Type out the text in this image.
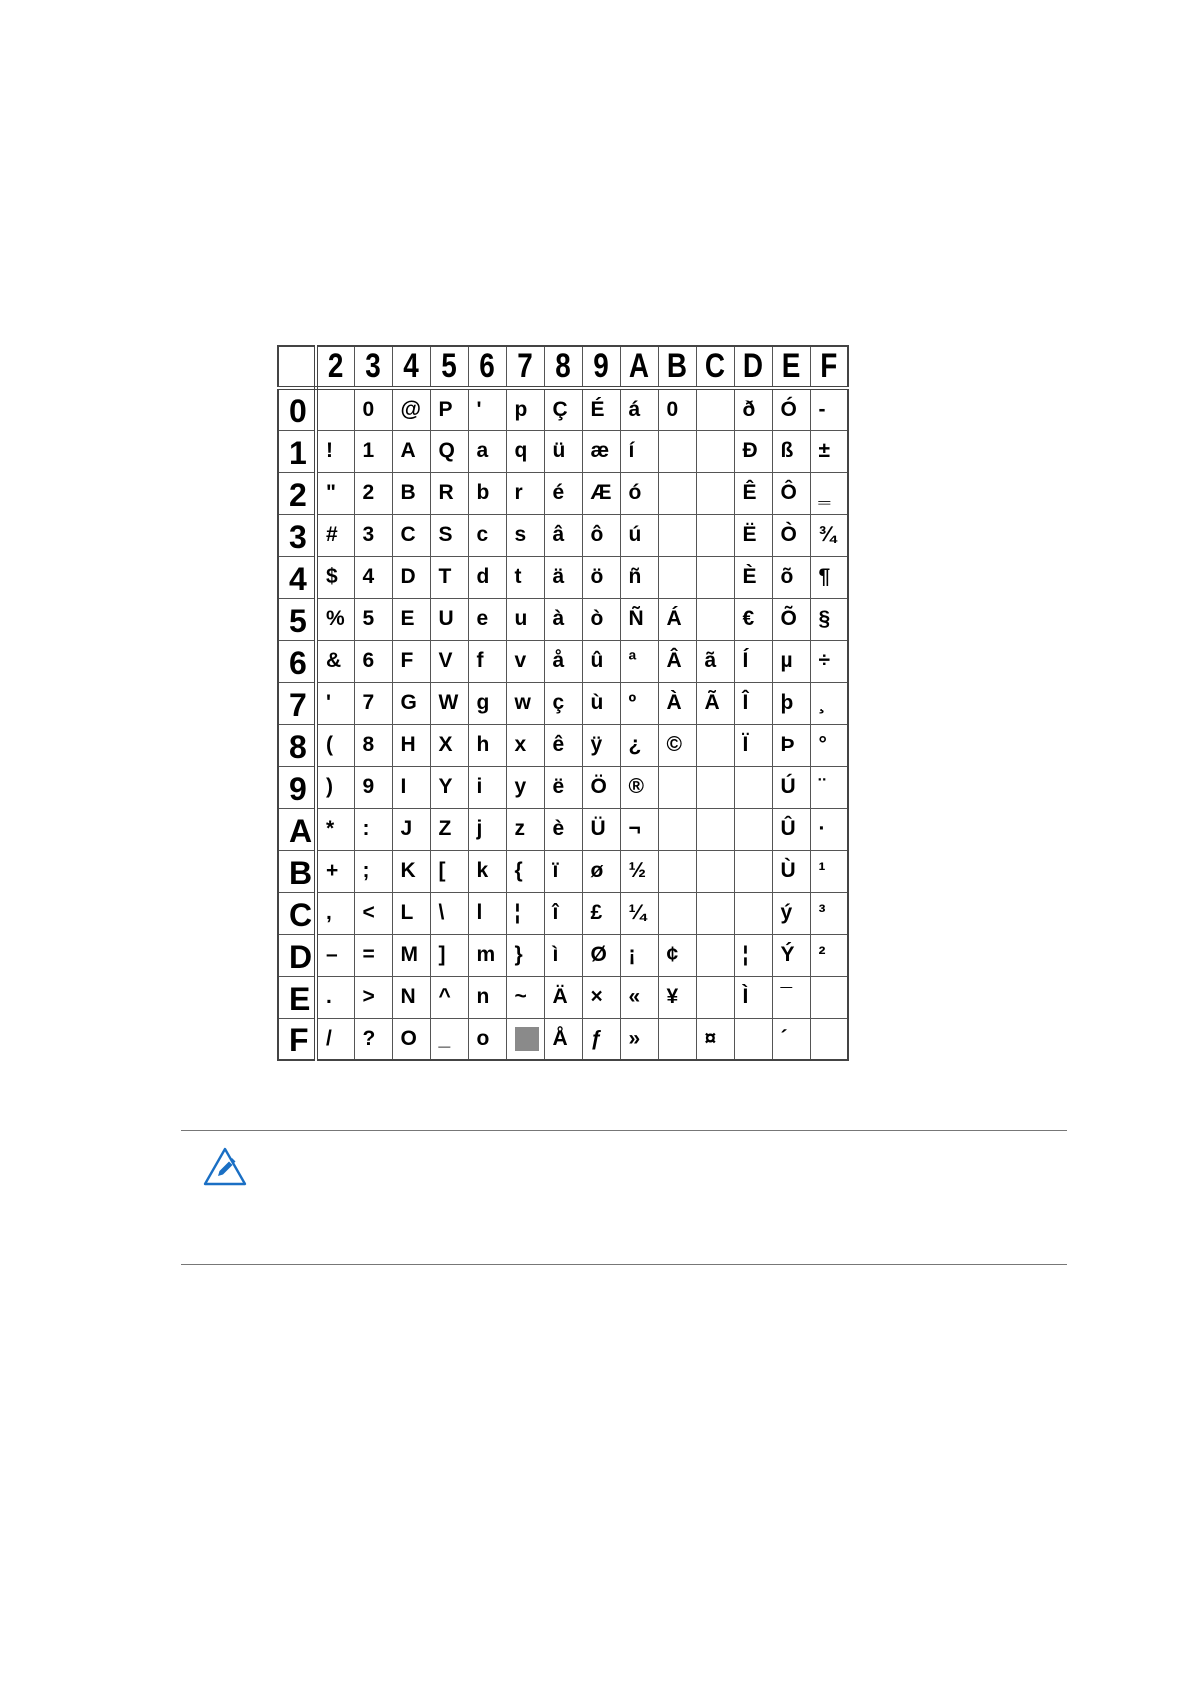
	2	3	4	5	6	7	8	9	A	B	C	D	E	F
0		0	@	P	'	p	Ç	É	á	0		ð	Ó	-
1	!	1	A	Q	a	q	ü	æ	í			Đ	ß	±
2	"	2	B	R	b	r	é	Æ	ó			Ê	Ô	‗
3	#	3	C	S	c	s	â	ô	ú			Ë	Ò	¾
4	$	4	D	T	d	t	ä	ö	ñ			È	õ	¶
5	%	5	E	U	e	u	à	ò	Ñ	Á		€	Õ	§
6	&	6	F	V	f	v	å	û	ª	Â	ã	Í	µ	÷
7	'	7	G	W	g	w	ç	ù	º	À	Ã	Î	þ	¸
8	(	8	H	X	h	x	ê	ÿ	¿	©		Ï	Þ	°
9	)	9	I	Y	i	y	ë	Ö	®				Ú	¨
A	*	:	J	Z	j	z	è	Ü	¬				Û	·
B	+	;	K	[	k	{	ï	ø	½				Ù	¹
C	,	<	L	\	l	¦	î	£	¼				ý	³
D	–	=	M	]	m	}	ì	Ø	¡	¢		¦	Ý	²
E	.	>	N	^	n	~	Ä	×	«	¥		Ì	¯	
F	/	?	O	_	o		Å	ƒ	»		¤		´	
